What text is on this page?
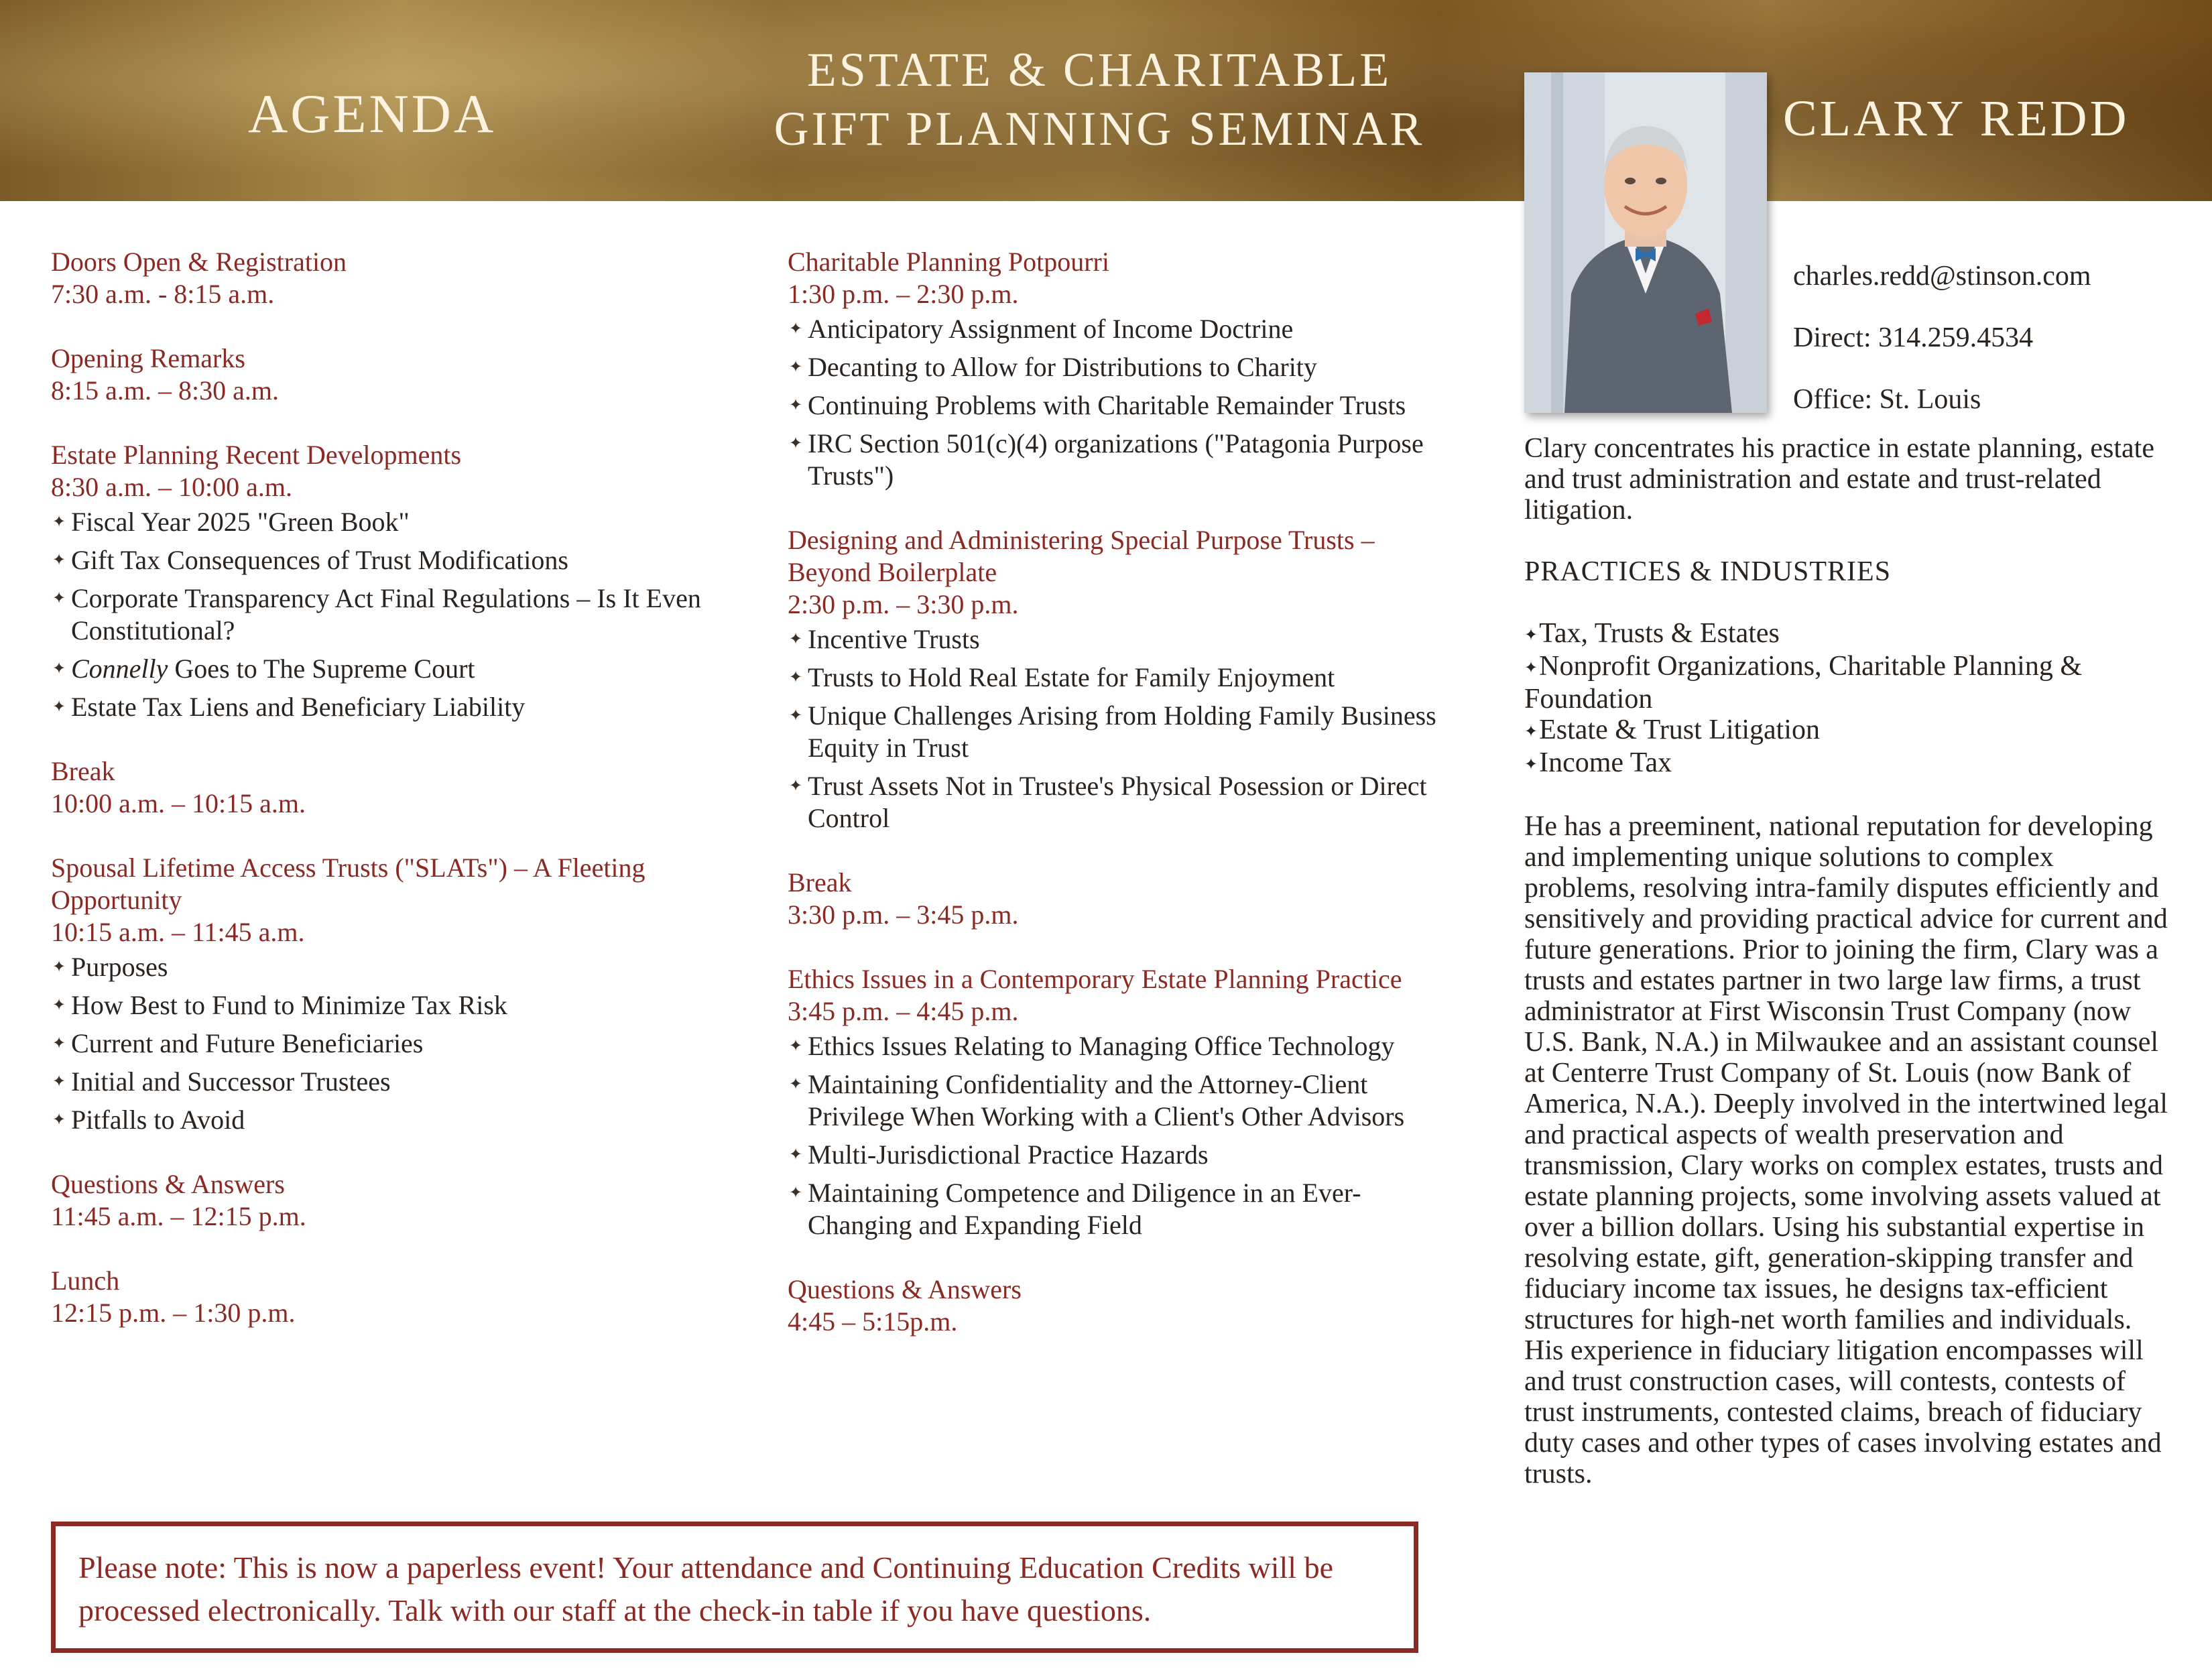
AGENDA
ESTATE & CHARITABLE
GIFT PLANNING SEMINAR	CLARY REDD
Doors Open & Registration
7:30 a.m. - 8:15 a.m.
Opening Remarks
8:15 a.m. – 8:30 a.m.
Estate Planning Recent Developments
8:30 a.m. – 10:00 a.m.
✦ Fiscal Year 2025 "Green Book"
✦ Gift Tax Consequences of Trust Modifications
✦ Corporate Transparency Act Final Regulations – Is It Even Constitutional?
✦ Connelly Goes to The Supreme Court
✦ Estate Tax Liens and Beneficiary Liability
Break
10:00 a.m. – 10:15 a.m.
Spousal Lifetime Access Trusts ("SLATs") – A Fleeting Opportunity
10:15 a.m. – 11:45 a.m.
✦ Purposes
✦ How Best to Fund to Minimize Tax Risk
✦ Current and Future Beneficiaries
✦ Initial and Successor Trustees
✦ Pitfalls to Avoid
Questions & Answers
11:45 a.m. – 12:15 p.m.
Lunch
12:15 p.m. – 1:30 p.m.
Charitable Planning Potpourri
1:30 p.m. – 2:30 p.m.
✦ Anticipatory Assignment of Income Doctrine
✦ Decanting to Allow for Distributions to Charity
✦ Continuing Problems with Charitable Remainder Trusts
✦ IRC Section 501(c)(4) organizations ("Patagonia Purpose Trusts")
Designing and Administering Special Purpose Trusts –Beyond Boilerplate
2:30 p.m. – 3:30 p.m.
✦ Incentive Trusts
✦ Trusts to Hold Real Estate for Family Enjoyment
✦ Unique Challenges Arising from Holding Family Business Equity in Trust
✦ Trust Assets Not in Trustee's Physical Posession or Direct Control
Break
3:30 p.m. – 3:45 p.m.
Ethics Issues in a Contemporary Estate Planning Practice
3:45 p.m. – 4:45 p.m.
✦ Ethics Issues Relating to Managing Office Technology
✦ Maintaining Confidentiality and the Attorney-Client Privilege When Working with a Client's Other Advisors
✦ Multi-Jurisdictional Practice Hazards
✦ Maintaining Competence and Diligence in an Ever-Changing and Expanding Field
Questions & Answers
4:45 – 5:15p.m.
charles.redd@stinson.com
Direct: 314.259.4534
Office: St. Louis

Clary concentrates his practice in estate planning, estate and trust administration and estate and trust-related litigation.

PRACTICES & INDUSTRIES
✦ Tax, Trusts & Estates
✦ Nonprofit Organizations, Charitable Planning & Foundation
✦ Estate & Trust Litigation
✦ Income Tax

He has a preeminent, national reputation for developing and implementing unique solutions to complex problems, resolving intra-family disputes efficiently and sensitively and providing practical advice for current and future generations. Prior to joining the firm, Clary was a trusts and estates partner in two large law firms, a trust administrator at First Wisconsin Trust Company (now U.S. Bank, N.A.) in Milwaukee and an assistant counsel at Centerre Trust Company of St. Louis (now Bank of America, N.A.). Deeply involved in the intertwined legal and practical aspects of wealth preservation and transmission, Clary works on complex estates, trusts and estate planning projects, some involving assets valued at over a billion dollars. Using his substantial expertise in resolving estate, gift, generation-skipping transfer and fiduciary income tax issues, he designs tax-efficient structures for high-net worth families and individuals. His experience in fiduciary litigation encompasses will and trust construction cases, will contests, contests of trust instruments, contested claims, breach of fiduciary duty cases and other types of cases involving estates and trusts.

Please note: This is now a paperless event! Your attendance and Continuing Education Credits will be processed electronically. Talk with our staff at the check-in table if you have questions.
